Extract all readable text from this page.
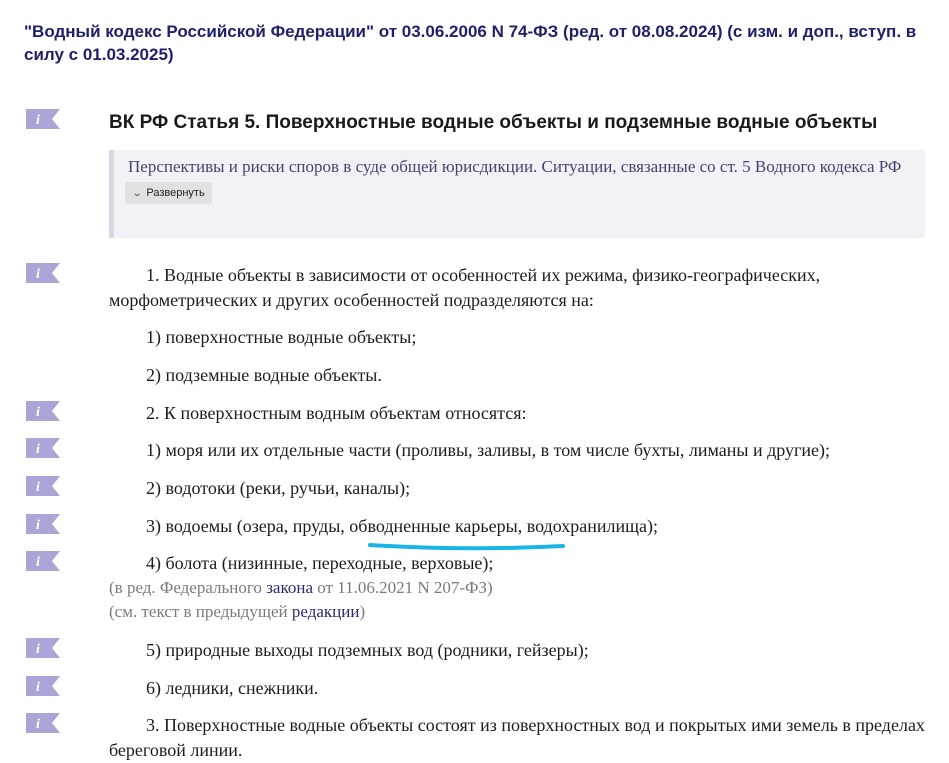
"Водный кодекс Российской Федерации" от 03.06.2006 N 74-ФЗ (ред. от 08.08.2024) (с изм. и доп., вступ. в силу с 01.03.2025)
i
i
i
i
i
i
i
i
i
i
ВК РФ Статья 5. Поверхностные водные объекты и подземные водные объекты
Перспективы и риски споров в суде общей юрисдикции. Ситуации, связанные со ст. 5 Водного кодекса РФ
⌄ Развернуть
1. Водные объекты в зависимости от особенностей их режима, физико-географических, морфометрических и других особенностей подразделяются на:
1) поверхностные водные объекты;
2) подземные водные объекты.
2. К поверхностным водным объектам относятся:
1) моря или их отдельные части (проливы, заливы, в том числе бухты, лиманы и другие);
2) водотоки (реки, ручьи, каналы);
3) водоемы (озера, пруды, обводненные карьеры, водохранилища);
4) болота (низинные, переходные, верховые);
(в ред. Федерального закона от 11.06.2021 N 207-ФЗ)
(см. текст в предыдущей редакции)
5) природные выходы подземных вод (родники, гейзеры);
6) ледники, снежники.
3. Поверхностные водные объекты состоят из поверхностных вод и покрытых ими земель в пределах береговой линии.
